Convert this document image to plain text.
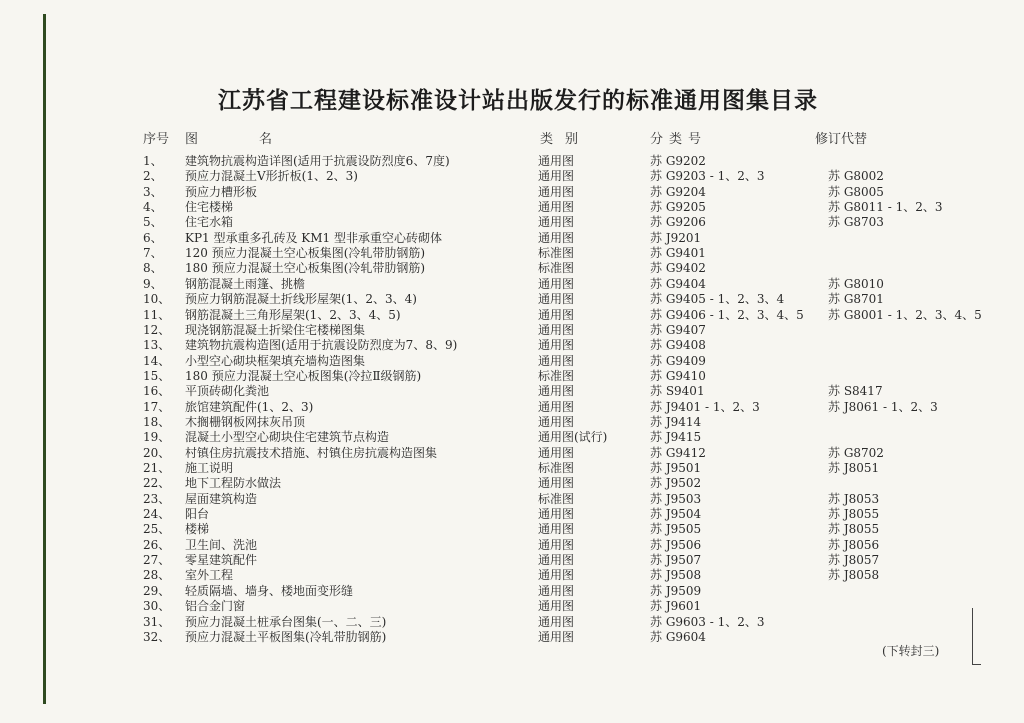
江苏省工程建设标准设计站出版发行的标准通用图集目录
序号 图	名	类 别	分类号	修订代替
1、 建筑物抗震构造详图(适用于抗震设防烈度6、7度)	通用图	苏 G9202
2、 预应力混凝土V形折板(1、2、3)	通用图	苏 G9203 - 1、2、3	苏 G8002
3、 预应力槽形板	通用图	苏 G9204	苏 G8005
4、 住宅楼梯	通用图	苏 G9205	苏 G8011 - 1、2、3
5、 住宅水箱	通用图	苏 G9206	苏 G8703
6、 KP1 型承重多孔砖及 KM1 型非承重空心砖砌体	通用图	苏 J9201
7、 120 预应力混凝土空心板集图(冷轧带肋钢筋)	标准图	苏 G9401
8、 180 预应力混凝土空心板集图(冷轧带肋钢筋)	标准图	苏 G9402
9、 钢筋混凝土雨篷、挑檐	通用图	苏 G9404	苏 G8010
10、 预应力钢筋混凝土折线形屋架(1、2、3、4)	通用图	苏 G9405 - 1、2、3、4	苏 G8701
11、 钢筋混凝土三角形屋架(1、2、3、4、5)	通用图	苏 G9406 - 1、2、3、4、5 苏 G8001 - 1、2、3、4、5
12、 现浇钢筋混凝土折梁住宅楼梯图集	通用图	苏 G9407
13、 建筑物抗震构造图(适用于抗震设防烈度为7、8、9)	通用图	苏 G9408
14、 小型空心砌块框架填充墙构造图集	通用图	苏 G9409
15、 180 预应力混凝土空心板图集(冷拉Ⅱ级钢筋)	标准图	苏 G9410
16、 平顶砖砌化粪池	通用图	苏 S9401	苏 S8417
17、 旅馆建筑配件(1、2、3)	通用图	苏 J9401 - 1、2、3	苏 J8061 - 1、2、3
18、 木搁栅钢板网抹灰吊顶	通用图	苏 J9414
19、 混凝土小型空心砌块住宅建筑节点构造	通用图(试行)	苏 J9415
20、 村镇住房抗震技术措施、村镇住房抗震构造图集	通用图	苏 G9412	苏 G8702
21、 施工说明	标准图	苏 J9501	苏 J8051
22、 地下工程防水做法	通用图	苏 J9502
23、 屋面建筑构造	标准图	苏 J9503	苏 J8053
24、 阳台	通用图	苏 J9504	苏 J8055
25、 楼梯	通用图	苏 J9505	苏 J8055
26、 卫生间、洗池	通用图	苏 J9506	苏 J8056
27、 零星建筑配件	通用图	苏 J9507	苏 J8057
28、 室外工程	通用图	苏 J9508	苏 J8058
29、 轻质隔墙、墙身、楼地面变形缝	通用图	苏 J9509
30、 铝合金门窗	通用图	苏 J9601
31、 预应力混凝土桩承台图集(一、二、三)	通用图	苏 G9603 - 1、2、3
32、 预应力混凝土平板图集(冷轧带肋钢筋)	通用图	苏 G9604
(下转封三)
